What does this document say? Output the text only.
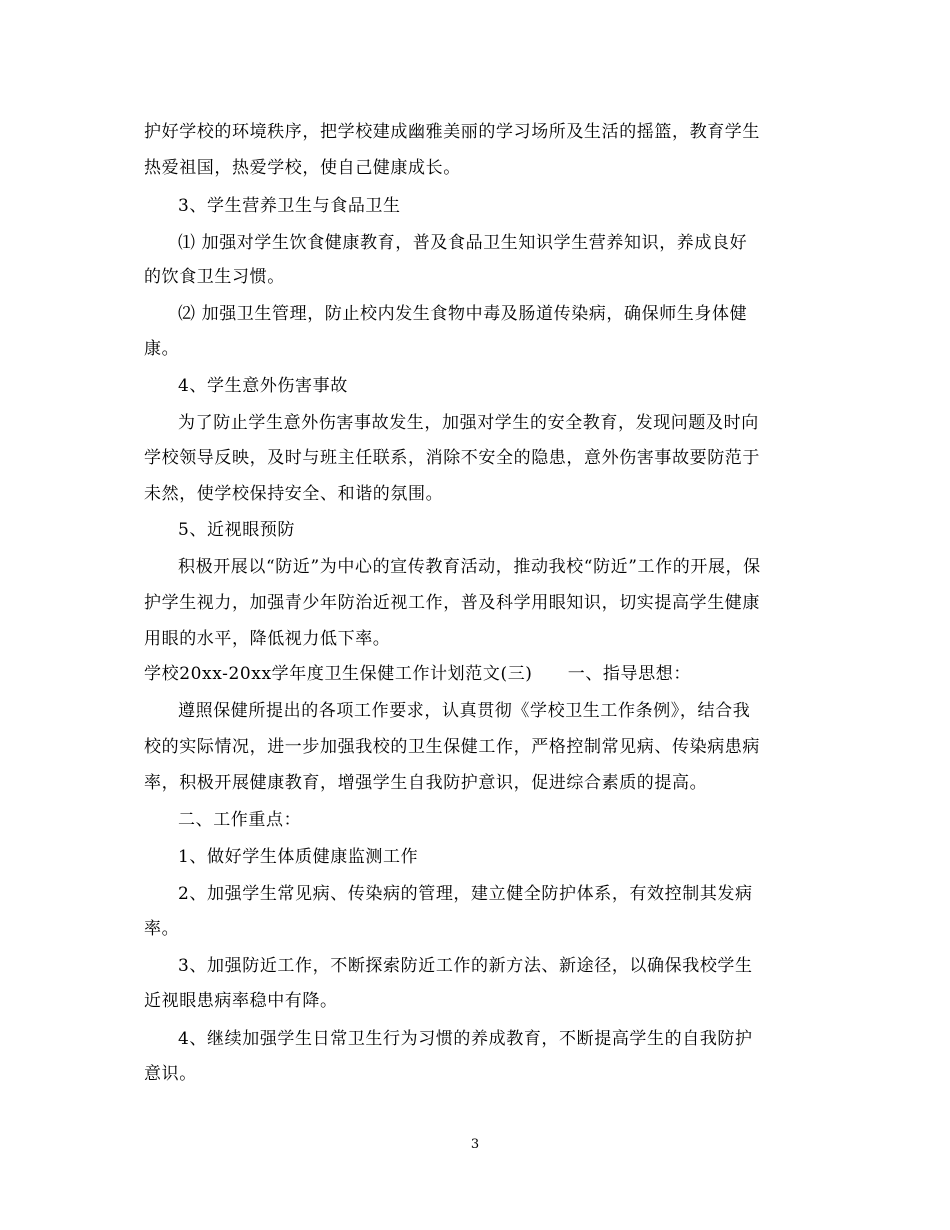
护好学校的环境秩序，把学校建成幽雅美丽的学习场所及生活的摇篮，教育学生
热爱祖国，热爱学校，使自己健康成长。
3、学生营养卫生与食品卫生
⑴ 加强对学生饮食健康教育，普及食品卫生知识学生营养知识，养成良好
的饮食卫生习惯。
⑵ 加强卫生管理，防止校内发生食物中毒及肠道传染病，确保师生身体健
康。
4、学生意外伤害事故
为了防止学生意外伤害事故发生，加强对学生的安全教育，发现问题及时向
学校领导反映，及时与班主任联系，消除不安全的隐患，意外伤害事故要防范于
未然，使学校保持安全、和谐的氛围。
5、近视眼预防
积极开展以“防近”为中心的宣传教育活动，推动我校“防近”工作的开展，保
护学生视力，加强青少年防治近视工作，普及科学用眼知识，切实提高学生健康
用眼的水平，降低视力低下率。
学校20xx-20xx学年度卫生保健工作计划范文(三)　　一、指导思想：
遵照保健所提出的各项工作要求，认真贯彻《学校卫生工作条例》，结合我
校的实际情况，进一步加强我校的卫生保健工作，严格控制常见病、传染病患病
率，积极开展健康教育，增强学生自我防护意识，促进综合素质的提高。
二、工作重点：
1、做好学生体质健康监测工作
2、加强学生常见病、传染病的管理，建立健全防护体系，有效控制其发病
率。
3、加强防近工作，不断探索防近工作的新方法、新途径，以确保我校学生
近视眼患病率稳中有降。
4、继续加强学生日常卫生行为习惯的养成教育，不断提高学生的自我防护
意识。
3
